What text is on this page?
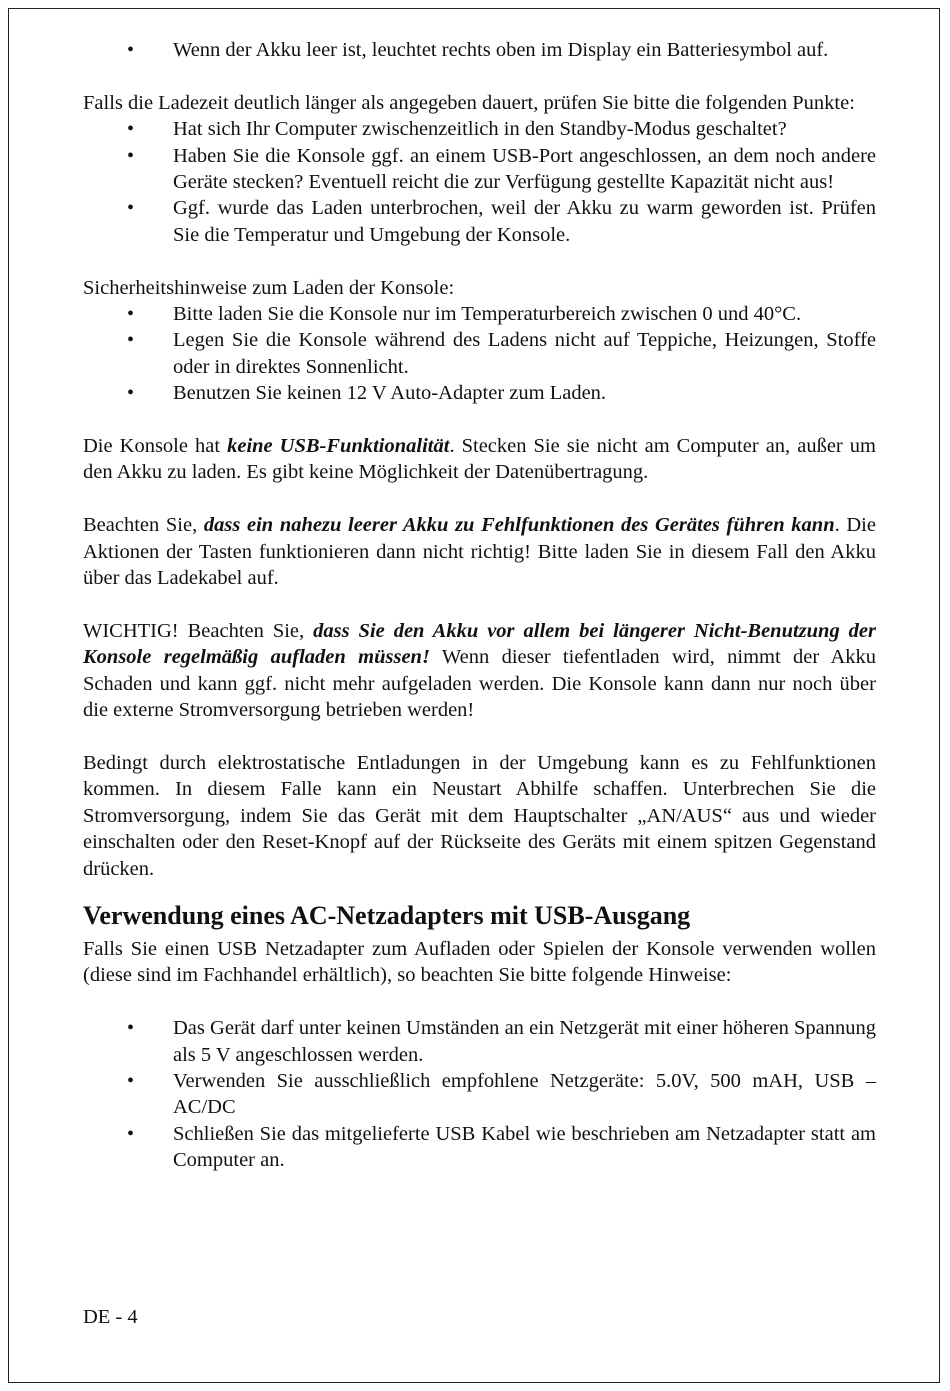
• Wenn der Akku leer ist, leuchtet rechts oben im Display ein Batteriesymbol auf.

Falls die Ladezeit deutlich länger als angegeben dauert, prüfen Sie bitte die folgenden Punkte:

• Hat sich Ihr Computer zwischenzeitlich in den Standby-Modus geschaltet?
• Haben Sie die Konsole ggf. an einem USB-Port angeschlossen, an dem noch andere Geräte stecken? Eventuell reicht die zur Verfügung gestellte Kapazität nicht aus!
• Ggf. wurde das Laden unterbrochen, weil der Akku zu warm geworden ist. Prüfen Sie die Temperatur und Umgebung der Konsole.

Sicherheitshinweise zum Laden der Konsole:

• Bitte laden Sie die Konsole nur im Temperaturbereich zwischen 0 und 40°C.
• Legen Sie die Konsole während des Ladens nicht auf Teppiche, Heizungen, Stoffe oder in direktes Sonnenlicht.
• Benutzen Sie keinen 12 V Auto-Adapter zum Laden.

Die Konsole hat keine USB-Funktionalität. Stecken Sie sie nicht am Computer an, außer um den Akku zu laden. Es gibt keine Möglichkeit der Datenübertragung.

Beachten Sie, dass ein nahezu leerer Akku zu Fehlfunktionen des Gerätes führen kann. Die Aktionen der Tasten funktionieren dann nicht richtig! Bitte laden Sie in diesem Fall den Akku über das Ladekabel auf.

WICHTIG! Beachten Sie, dass Sie den Akku vor allem bei längerer Nicht-Benutzung der Konsole regelmäßig aufladen müssen! Wenn dieser tiefentladen wird, nimmt der Akku Schaden und kann ggf. nicht mehr aufgeladen werden. Die Konsole kann dann nur noch über die externe Stromversorgung betrieben werden!

Bedingt durch elektrostatische Entladungen in der Umgebung kann es zu Fehlfunktionen kommen. In diesem Falle kann ein Neustart Abhilfe schaffen. Unterbrechen Sie die Stromversorgung, indem Sie das Gerät mit dem Hauptschalter „AN/AUS“ aus und wieder einschalten oder den Reset-Knopf auf der Rückseite des Geräts mit einem spitzen Gegenstand drücken.

Verwendung eines AC-Netzadapters mit USB-Ausgang

Falls Sie einen USB Netzadapter zum Aufladen oder Spielen der Konsole verwenden wollen (diese sind im Fachhandel erhältlich), so beachten Sie bitte folgende Hinweise:

• Das Gerät darf unter keinen Umständen an ein Netzgerät mit einer höheren Spannung als 5 V angeschlossen werden.
• Verwenden Sie ausschließlich empfohlene Netzgeräte: 5.0V, 500 mAH, USB – AC/DC
• Schließen Sie das mitgelieferte USB Kabel wie beschrieben am Netzadapter statt am Computer an.
DE - 4
